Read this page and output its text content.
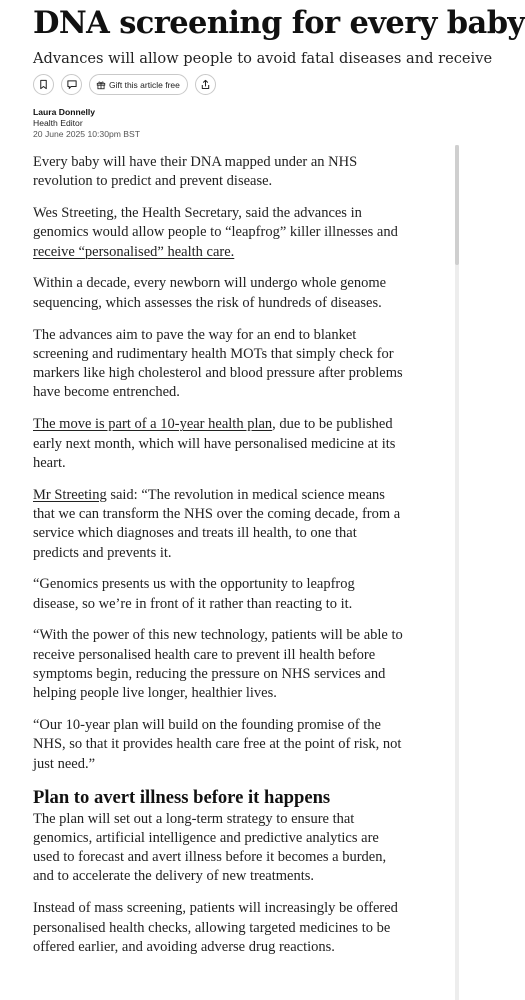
DNA screening for every baby

Advances will allow people to avoid fatal diseases and receive

Gift this article free
Laura Donnelly
Health Editor
20 June 2025 10:30pm BST

Every baby will have their DNA mapped under an NHS revolution to predict and prevent disease.

Wes Streeting, the Health Secretary, said the advances in genomics would allow people to “leapfrog” killer illnesses and receive “personalised” health care.

Within a decade, every newborn will undergo whole genome sequencing, which assesses the risk of hundreds of diseases.

The advances aim to pave the way for an end to blanket screening and rudimentary health MOTs that simply check for markers like high cholesterol and blood pressure after problems have become entrenched.

The move is part of a 10-year health plan, due to be published early next month, which will have personalised medicine at its heart.

Mr Streeting said: “The revolution in medical science means that we can transform the NHS over the coming decade, from a service which diagnoses and treats ill health, to one that predicts and prevents it.

“Genomics presents us with the opportunity to leapfrog disease, so we’re in front of it rather than reacting to it.

“With the power of this new technology, patients will be able to receive personalised health care to prevent ill health before symptoms begin, reducing the pressure on NHS services and helping people live longer, healthier lives.

“Our 10-year plan will build on the founding promise of the NHS, so that it provides health care free at the point of risk, not just need.”

Plan to avert illness before it happens

The plan will set out a long-term strategy to ensure that genomics, artificial intelligence and predictive analytics are used to forecast and avert illness before it becomes a burden, and to accelerate the delivery of new treatments.

Instead of mass screening, patients will increasingly be offered personalised health checks, allowing targeted medicines to be offered earlier, and avoiding adverse drug reactions.
